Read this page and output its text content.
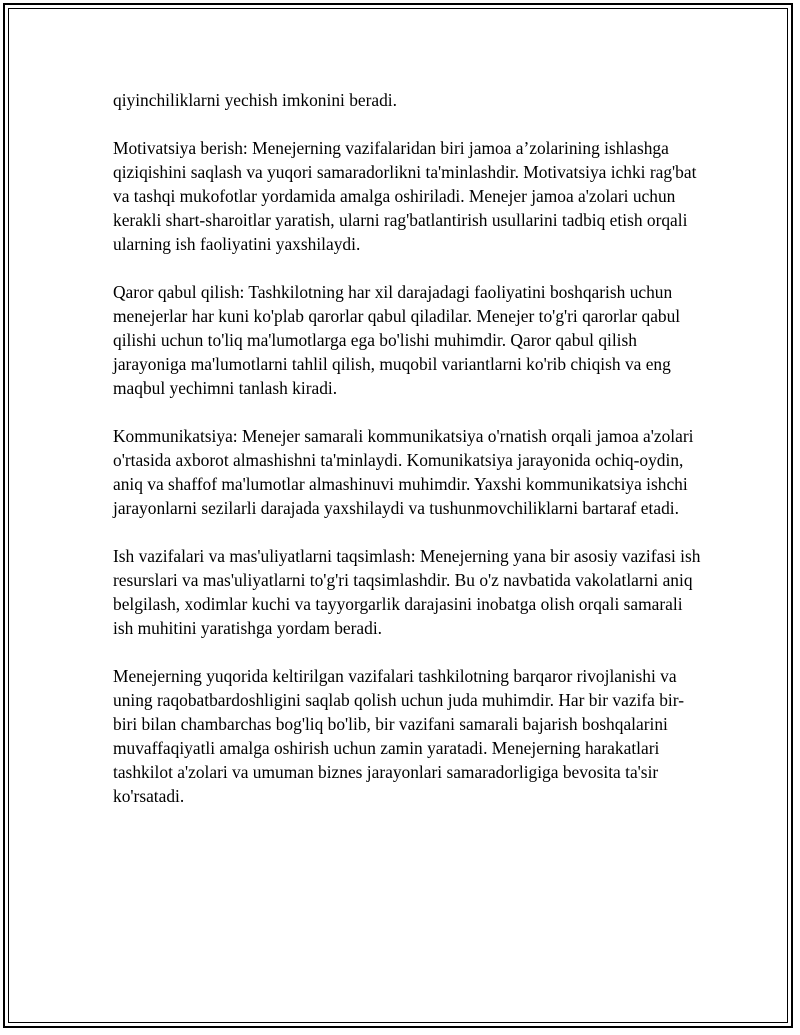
qiyinchiliklarni yechish imkonini beradi.

Motivatsiya berish: Menejerning vazifalaridan biri jamoa a’zolarining ishlashga qiziqishini saqlash va yuqori samaradorlikni ta'minlashdir. Motivatsiya ichki rag'bat va tashqi mukofotlar yordamida amalga oshiriladi. Menejer jamoa a'zolari uchun kerakli shart-sharoitlar yaratish, ularni rag'batlantirish usullarini tadbiq etish orqali ularning ish faoliyatini yaxshilaydi.

Qaror qabul qilish: Tashkilotning har xil darajadagi faoliyatini boshqarish uchun menejerlar har kuni ko'plab qarorlar qabul qiladilar. Menejer to'g'ri qarorlar qabul qilishi uchun to'liq ma'lumotlarga ega bo'lishi muhimdir. Qaror qabul qilish jarayoniga ma'lumotlarni tahlil qilish, muqobil variantlarni ko'rib chiqish va eng maqbul yechimni tanlash kiradi.

Kommunikatsiya: Menejer samarali kommunikatsiya o'rnatish orqali jamoa a'zolari o'rtasida axborot almashishni ta'minlaydi. Komunikatsiya jarayonida ochiq-oydin, aniq va shaffof ma'lumotlar almashinuvi muhimdir. Yaxshi kommunikatsiya ishchi jarayonlarni sezilarli darajada yaxshilaydi va tushunmovchiliklarni bartaraf etadi.

Ish vazifalari va mas'uliyatlarni taqsimlash: Menejerning yana bir asosiy vazifasi ish resurslari va mas'uliyatlarni to'g'ri taqsimlashdir. Bu o'z navbatida vakolatlarni aniq belgilash, xodimlar kuchi va tayyorgarlik darajasini inobatga olish orqali samarali ish muhitini yaratishga yordam beradi.

Menejerning yuqorida keltirilgan vazifalari tashkilotning barqaror rivojlanishi va uning raqobatbardoshligini saqlab qolish uchun juda muhimdir. Har bir vazifa bir-biri bilan chambarchas bog'liq bo'lib, bir vazifani samarali bajarish boshqalarini muvaffaqiyatli amalga oshirish uchun zamin yaratadi. Menejerning harakatlari tashkilot a'zolari va umuman biznes jarayonlari samaradorligiga bevosita ta'sir ko'rsatadi.
